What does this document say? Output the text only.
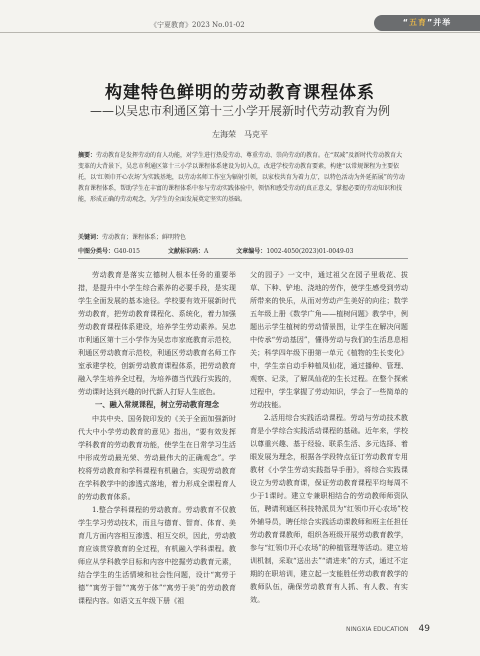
《宁夏教育》2023 No.01-02	“五育”并举
构建特色鲜明的劳动教育课程体系
——以吴忠市利通区第十三小学开展新时代劳动教育为例
左海荣　马克平
摘要：劳动教育是发挥劳动的育人功能，对学生进行热爱劳动、尊重劳动、崇尚劳动的教育。在“双减”及新时代劳动教育大变革的大背景下，吴忠市利通区第十三小学以课程体系建设为切入点，改进学校劳动教育要素，构建“以常规课程为主要依托，以‘红领巾开心农场’为实践基地，以劳动名师工作室为辐射引领，以家校共育为着力点’，以特色活动为外延拓展”的劳动教育课程体系，帮助学生在丰富的课程体系中参与劳动实践体验中，领悟和感受劳动的真正意义，掌握必要的劳动知识和技能，形成正确的劳动观念，为学生的全面发展奠定坚实的基础。
关键词：劳动教育；课程体系；鲜明特色
中图分类号：G40-015	文献标识码：A	文章编号：1002-4050(2023)01-0049-03

劳动教育是落实立德树人根本任务的重要举措，是提升中小学生综合素养的必要手段，是实现学生全面发展的基本途径。学校要有效开展新时代劳动教育，把劳动教育课程化、系统化，着力加强劳动教育课程体系建设，培养学生劳动素养。吴忠市利通区第十三小学作为吴忠市家庭教育示范校，利通区劳动教育示范校，利通区劳动教育名师工作室承建学校，创新劳动教育课程体系，把劳动教育融入学生培养全过程，为培养德当代践行实践的，劳动课时达到兴趣的时代新人打好人生底色。

一、融入常规课程，树立劳动教育理念

中共中央、国务院印发的《关于全面加强新时代大中小学劳动教育的意见》指出，“要有效发挥学科教育的劳动教育功能，使学生在日常学习生活中形成劳动最光荣、劳动最伟大的正确观念”。学校将劳动教育和学科课程有机融合，实现劳动教育在学科教学中的渗透式落地，着力形成全课程育人的劳动教育体系。

1.整合学科课程的劳动教育。劳动教育不仅教学生学习劳动技术，而且与德育、智育、体育、美育几方面内容相互渗透、相互交织，因此，劳动教育应该贯穿教育的全过程，有机融入学科课程。教师应从学科教学目标和内容中挖掘劳动教育元素，结合学生的生活情境和社会性问题，设计“寓劳于德”“寓劳于智”“寓劳于体”“寓劳于美”的劳动教育课程内容。如语文五年级下册《祖

父的园子》一文中，通过祖父在园子里栽花、拔草、下种、铲地、浇地的劳作，使学生感受到劳动所带来的快乐，从而对劳动产生美好的向往；数学五年级上册《数学广角——植树问题》教学中，例题出示学生植树的劳动情景图，让学生在解决问题中传承“劳动基因”，懂得劳动与我们的生活息息相关；科学四年级下册第一单元《植物的生长变化》中，学生亲自动手种植凤仙花，通过播种、管理、观察、记录，了解凤仙花的生长过程。在整个探索过程中，学生掌握了劳动知识，学会了一些简单的劳动技能。

2.活用综合实践活动课程。劳动与劳动技术教育是小学综合实践活动课程的基础。近年来，学校以尊重兴趣、基于经验、联系生活、多元选择、着眼发展为理念，根据各学段特点征订劳动教育专用教材《小学生劳动实践指导手册》，将综合实践课设立为劳动教育课，保证劳动教育课程平均每周不少于1课时。建立专兼职相结合的劳动教师师资队伍，聘请利通区科技特派员为“红领巾开心农场”校外辅导员，聘任综合实践活动课教师和班主任担任劳动教育课教师，组织各班级开展劳动教育教学，参与“红领巾开心农场”的种植管理等活动。建立培训机制，采取“送出去”“请进来”的方式，通过不定期的在职培训，建立起一支能胜任劳动教育教学的教师队伍，确保劳动教育有人抓、有人教、有实效。

NINGXIA EDUCATION 49
